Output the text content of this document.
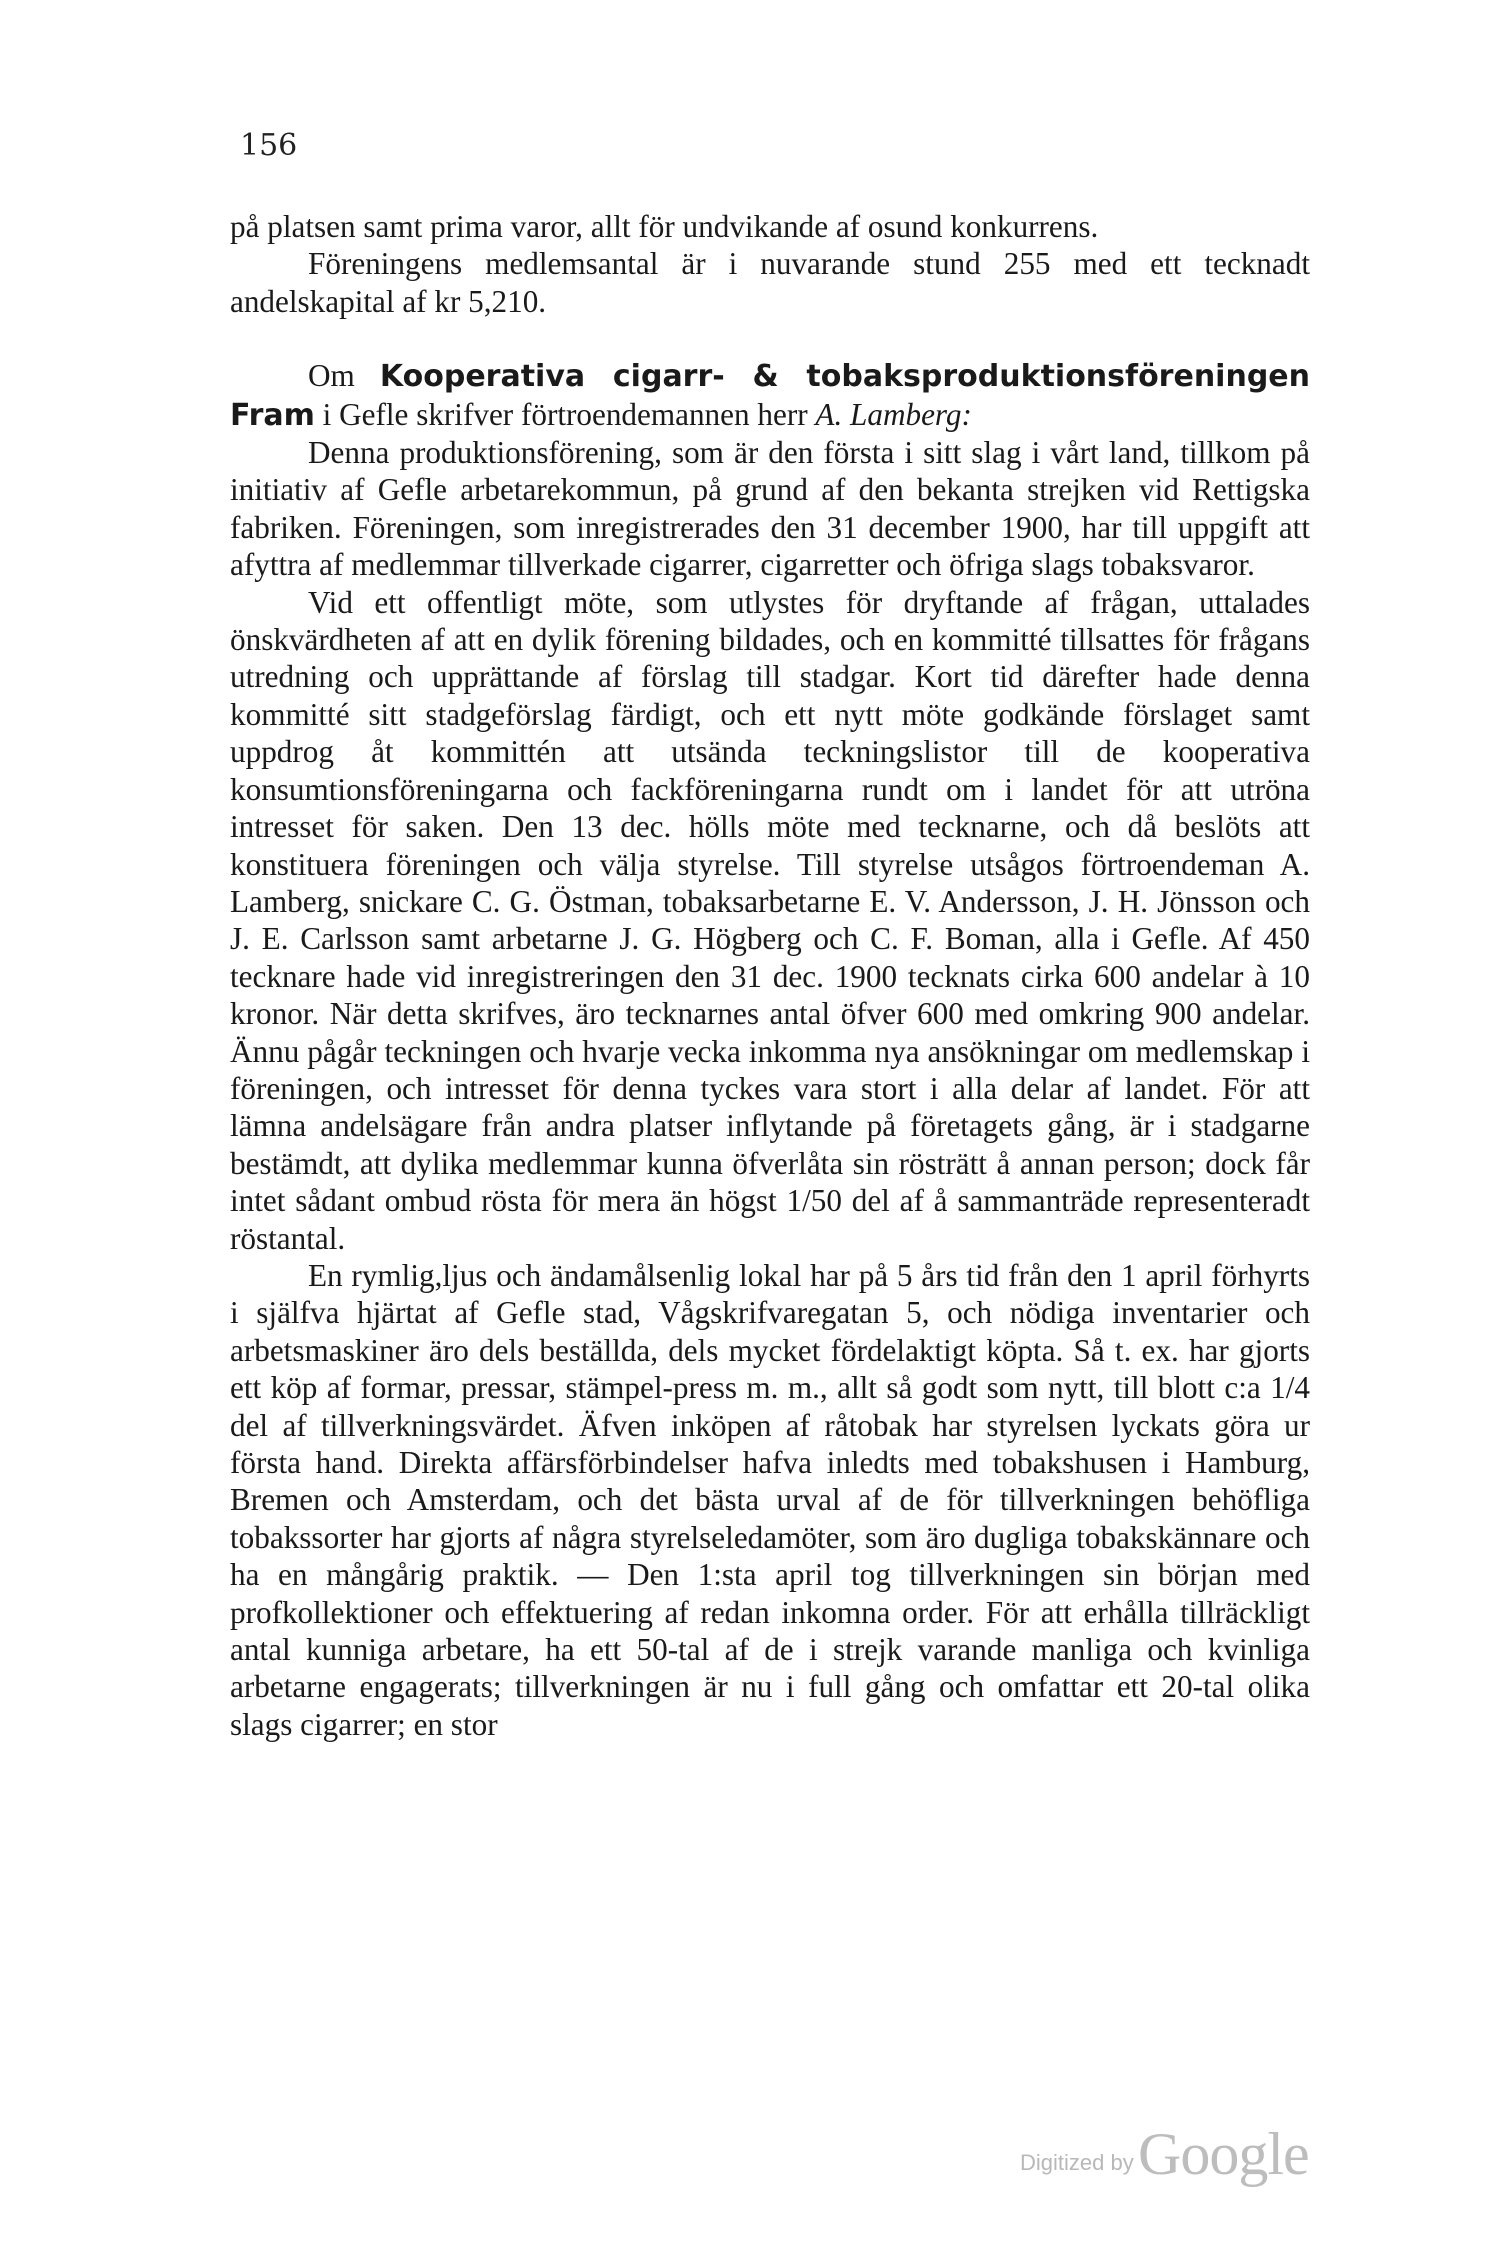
156

på platsen samt prima varor, allt för undvikande af osund konkurrens.

Föreningens medlemsantal är i nuvarande stund 255 med ett tecknadt andelskapital af kr 5,210.

Om Kooperativa cigarr- & tobaksproduktionsföreningen Fram i Gefle skrifver förtroendemannen herr A. Lamberg:

Denna produktionsförening, som är den första i sitt slag i vårt land, tillkom på initiativ af Gefle arbetarekommun, på grund af den bekanta strejken vid Rettigska fabriken. Föreningen, som inregistrerades den 31 december 1900, har till uppgift att afyttra af medlemmar tillverkade cigarrer, cigarretter och öfriga slags tobaksvaror.

Vid ett offentligt möte, som utlystes för dryftande af frågan, uttalades önskvärdheten af att en dylik förening bildades, och en kommitté tillsattes för frågans utredning och upprättande af förslag till stadgar. Kort tid därefter hade denna kommitté sitt stadgeförslag färdigt, och ett nytt möte godkände förslaget samt uppdrog åt kommittén att utsända teckningslistor till de kooperativa konsumtionsföreningarna och fackföreningarna rundt om i landet för att utröna intresset för saken. Den 13 dec. hölls möte med tecknarne, och då beslöts att konstituera föreningen och välja styrelse. Till styrelse utsågos förtroendeman A. Lamberg, snickare C. G. Östman, tobaksarbetarne E. V. Andersson, J. H. Jönsson och J. E. Carlsson samt arbetarne J. G. Högberg och C. F. Boman, alla i Gefle. Af 450 tecknare hade vid inregistreringen den 31 dec. 1900 tecknats cirka 600 andelar à 10 kronor. När detta skrifves, äro tecknarnes antal öfver 600 med omkring 900 andelar. Ännu pågår teckningen och hvarje vecka inkomma nya ansökningar om medlemskap i föreningen, och intresset för denna tyckes vara stort i alla delar af landet. För att lämna andelsägare från andra platser inflytande på företagets gång, är i stadgarne bestämdt, att dylika medlemmar kunna öfverlåta sin rösträtt å annan person; dock får intet sådant ombud rösta för mera än högst 1/50 del af å sammanträde representeradt röstantal.

En rymlig,ljus och ändamålsenlig lokal har på 5 års tid från den 1 april förhyrts i själfva hjärtat af Gefle stad, Vågskrifvaregatan 5, och nödiga inventarier och arbetsmaskiner äro dels beställda, dels mycket fördelaktigt köpta. Så t. ex. har gjorts ett köp af formar, pressar, stämpel-press m. m., allt så godt som nytt, till blott c:a 1/4 del af tillverkningsvärdet. Äfven inköpen af råtobak har styrelsen lyckats göra ur första hand. Direkta affärsförbindelser hafva inledts med tobakshusen i Hamburg, Bremen och Amsterdam, och det bästa urval af de för tillverkningen behöfliga tobakssorter har gjorts af några styrelseledamöter, som äro dugliga tobakskännare och ha en mångårig praktik. — Den 1:sta april tog tillverkningen sin början med profkollektioner och effektuering af redan inkomna order. För att erhålla tillräckligt antal kunniga arbetare, ha ett 50-tal af de i strejk varande manliga och kvinliga arbetarne engagerats; tillverkningen är nu i full gång och omfattar ett 20-tal olika slags cigarrer; en stor

Digitized by Google
